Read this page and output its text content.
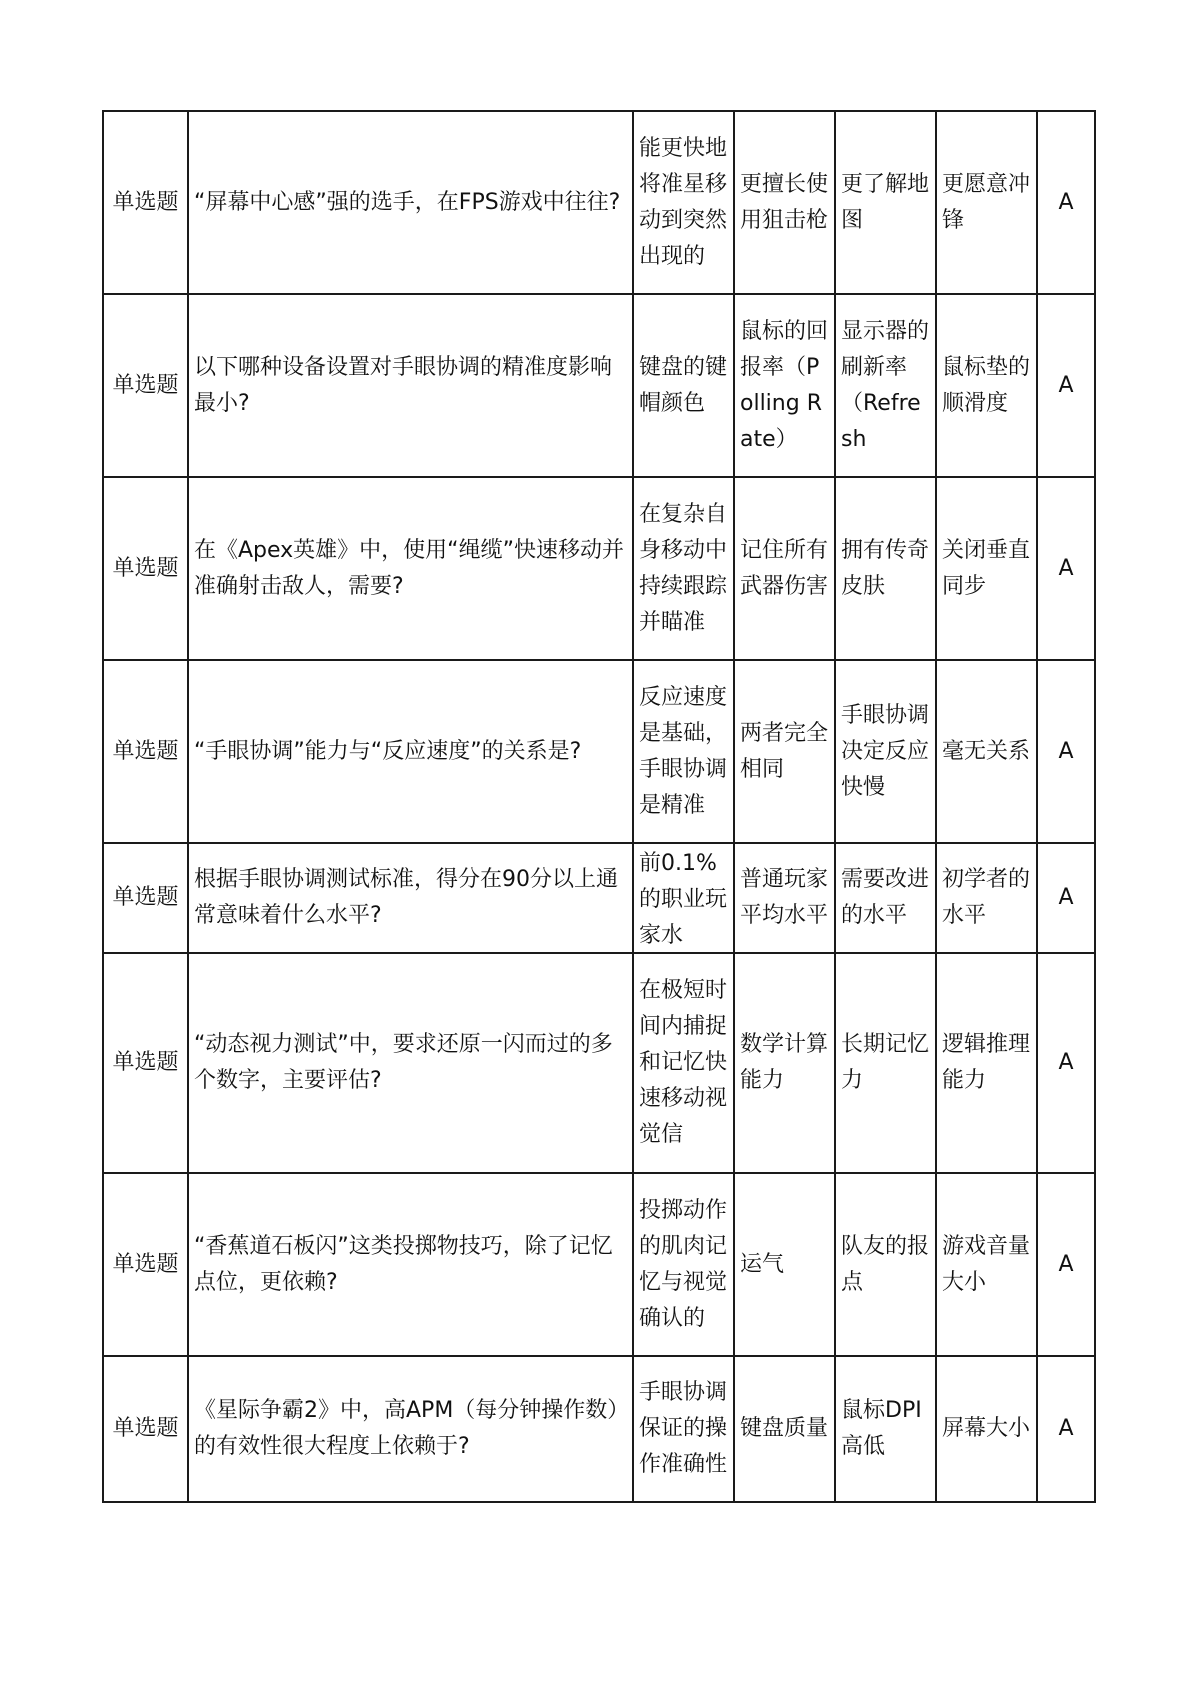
单选题	“屏幕中心感”强的选手，在FPS游戏中往往?	能更快地将准星移动到突然出现的	更擅长使用狙击枪	更了解地图	更愿意冲锋	A
单选题	以下哪种设备设置对手眼协调的精准度影响最小?	键盘的键帽颜色	鼠标的回报率（Polling Rate）	显示器的刷新率（Refresh	鼠标垫的顺滑度	A
单选题	在《Apex英雄》中，使用“绳缆”快速移动并准确射击敌人，需要?	在复杂自身移动中持续跟踪并瞄准	记住所有武器伤害	拥有传奇皮肤	关闭垂直同步	A
单选题	“手眼协调”能力与“反应速度”的关系是?	反应速度是基础，手眼协调是精准	两者完全相同	手眼协调决定反应快慢	毫无关系	A
单选题	根据手眼协调测试标准，得分在90分以上通常意味着什么水平?	前0.1%的职业玩家水	普通玩家平均水平	需要改进的水平	初学者的水平	A
单选题	“动态视力测试”中，要求还原一闪而过的多个数字，主要评估?	在极短时间内捕捉和记忆快速移动视觉信	数学计算能力	长期记忆力	逻辑推理能力	A
单选题	“香蕉道石板闪”这类投掷物技巧，除了记忆点位，更依赖?	投掷动作的肌肉记忆与视觉确认的	运气	队友的报点	游戏音量大小	A
单选题	《星际争霸2》中，高APM（每分钟操作数）的有效性很大程度上依赖于?	手眼协调保证的操作准确性	键盘质量	鼠标DPI高低	屏幕大小	A
